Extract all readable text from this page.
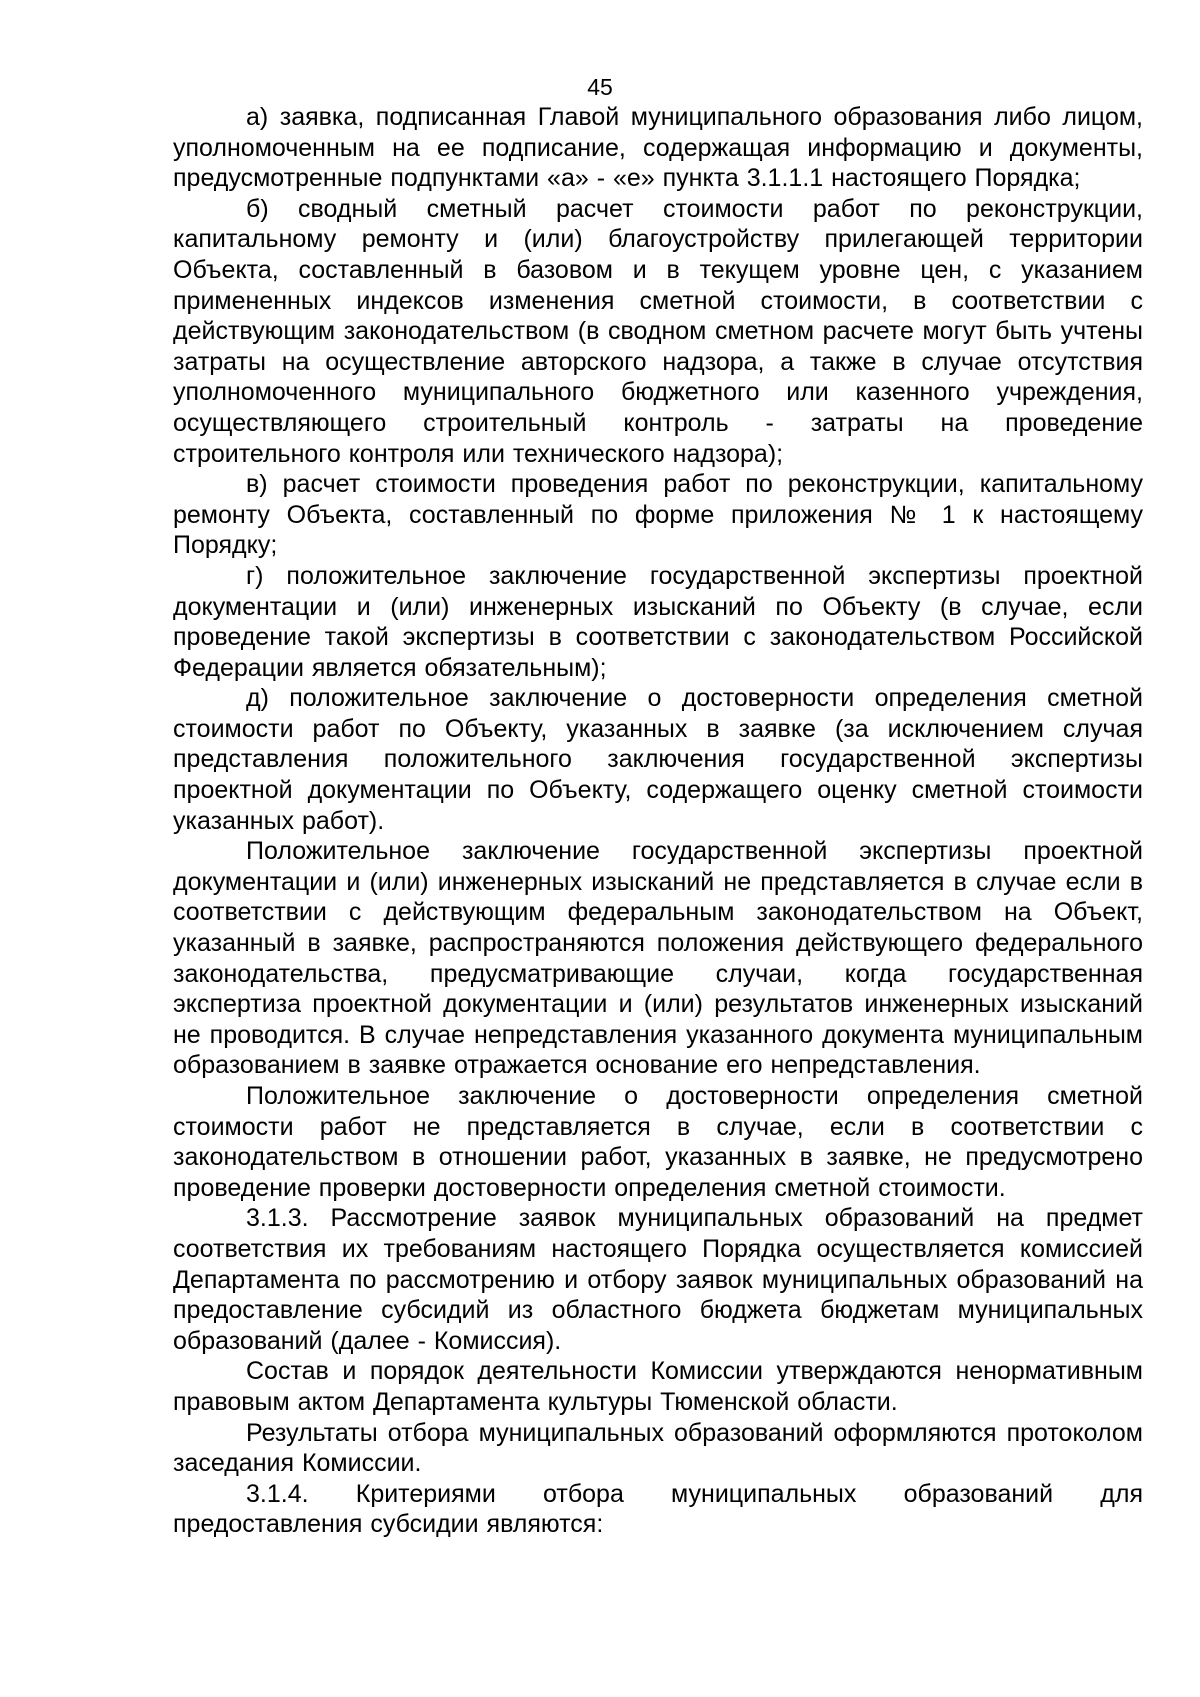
45

а) заявка, подписанная Главой муниципального образования либо лицом, уполномоченным на ее подписание, содержащая информацию и документы, предусмотренные подпунктами «а» - «е» пункта 3.1.1.1 настоящего Порядка;

б) сводный сметный расчет стоимости работ по реконструкции, капитальному ремонту и (или) благоустройству прилегающей территории Объекта, составленный в базовом и в текущем уровне цен, с указанием примененных индексов изменения сметной стоимости, в соответствии с действующим законодательством (в сводном сметном расчете могут быть учтены затраты на осуществление авторского надзора, а также в случае отсутствия уполномоченного муниципального бюджетного или казенного учреждения, осуществляющего строительный контроль - затраты на проведение строительного контроля или технического надзора);

в) расчет стоимости проведения работ по реконструкции, капитальному ремонту Объекта, составленный по форме приложения № 1 к настоящему Порядку;

г) положительное заключение государственной экспертизы проектной документации и (или) инженерных изысканий по Объекту (в случае, если проведение такой экспертизы в соответствии с законодательством Российской Федерации является обязательным);

д) положительное заключение о достоверности определения сметной стоимости работ по Объекту, указанных в заявке (за исключением случая представления положительного заключения государственной экспертизы проектной документации по Объекту, содержащего оценку сметной стоимости указанных работ).

Положительное заключение государственной экспертизы проектной документации и (или) инженерных изысканий не представляется в случае если в соответствии с действующим федеральным законодательством на Объект, указанный в заявке, распространяются положения действующего федерального законодательства, предусматривающие случаи, когда государственная экспертиза проектной документации и (или) результатов инженерных изысканий не проводится. В случае непредставления указанного документа муниципальным образованием в заявке отражается основание его непредставления.

Положительное заключение о достоверности определения сметной стоимости работ не представляется в случае, если в соответствии с законодательством в отношении работ, указанных в заявке, не предусмотрено проведение проверки достоверности определения сметной стоимости.

3.1.3. Рассмотрение заявок муниципальных образований на предмет соответствия их требованиям настоящего Порядка осуществляется комиссией Департамента по рассмотрению и отбору заявок муниципальных образований на предоставление субсидий из областного бюджета бюджетам муниципальных образований (далее - Комиссия).

Состав и порядок деятельности Комиссии утверждаются ненормативным правовым актом Департамента культуры Тюменской области.

Результаты отбора муниципальных образований оформляются протоколом заседания Комиссии.

3.1.4. Критериями отбора муниципальных образований для предоставления субсидии являются:
